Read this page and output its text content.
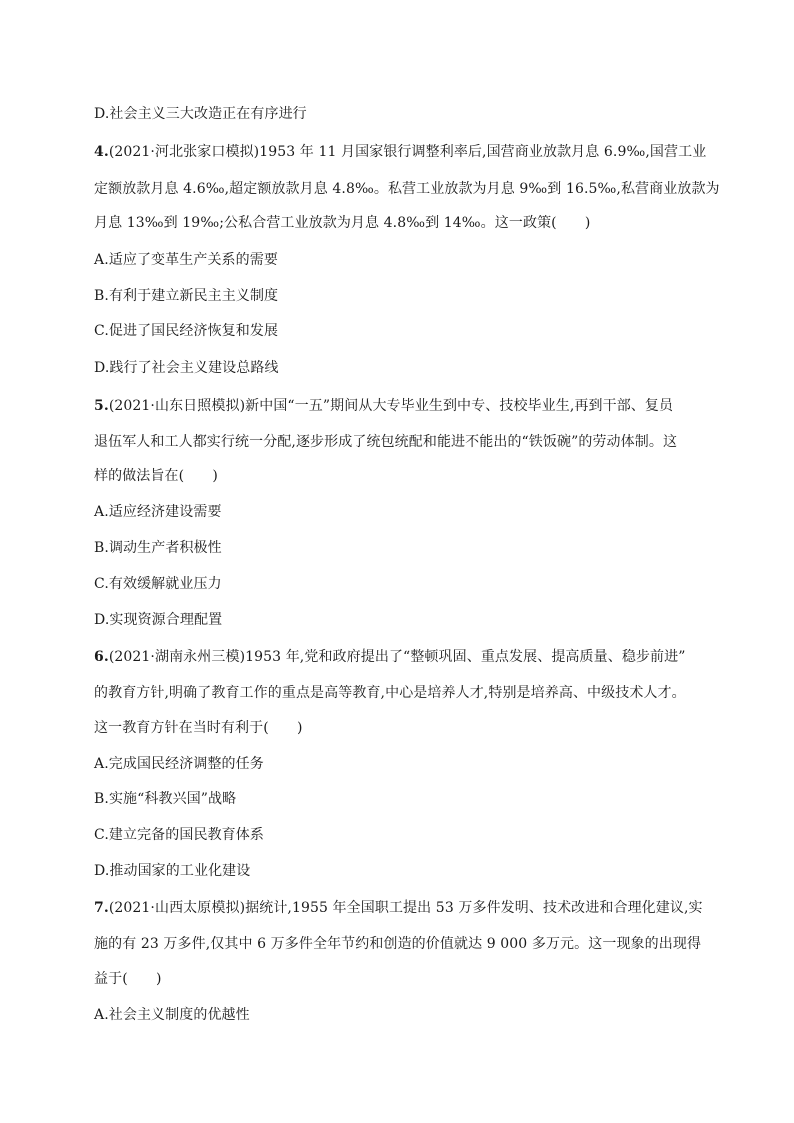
D.社会主义三大改造正在有序进行
4.(2021·河北张家口模拟)1953 年 11 月国家银行调整利率后,国营商业放款月息 6.9‰,国营工业
定额放款月息 4.6‰,超定额放款月息 4.8‰。私营工业放款为月息 9‰到 16.5‰,私营商业放款为
月息 13‰到 19‰;公私合营工业放款为月息 4.8‰到 14‰。这一政策(　　)
A.适应了变革生产关系的需要
B.有利于建立新民主主义制度
C.促进了国民经济恢复和发展
D.践行了社会主义建设总路线
5.(2021·山东日照模拟)新中国“一五”期间从大专毕业生到中专、技校毕业生,再到干部、复员
退伍军人和工人都实行统一分配,逐步形成了统包统配和能进不能出的“铁饭碗”的劳动体制。这
样的做法旨在(　　)
A.适应经济建设需要
B.调动生产者积极性
C.有效缓解就业压力
D.实现资源合理配置
6.(2021·湖南永州三模)1953 年,党和政府提出了“整顿巩固、重点发展、提高质量、稳步前进”
的教育方针,明确了教育工作的重点是高等教育,中心是培养人才,特别是培养高、中级技术人才。
这一教育方针在当时有利于(　　)
A.完成国民经济调整的任务
B.实施“科教兴国”战略
C.建立完备的国民教育体系
D.推动国家的工业化建设
7.(2021·山西太原模拟)据统计,1955 年全国职工提出 53 万多件发明、技术改进和合理化建议,实
施的有 23 万多件,仅其中 6 万多件全年节约和创造的价值就达 9 000 多万元。这一现象的出现得
益于(　　)
A.社会主义制度的优越性
